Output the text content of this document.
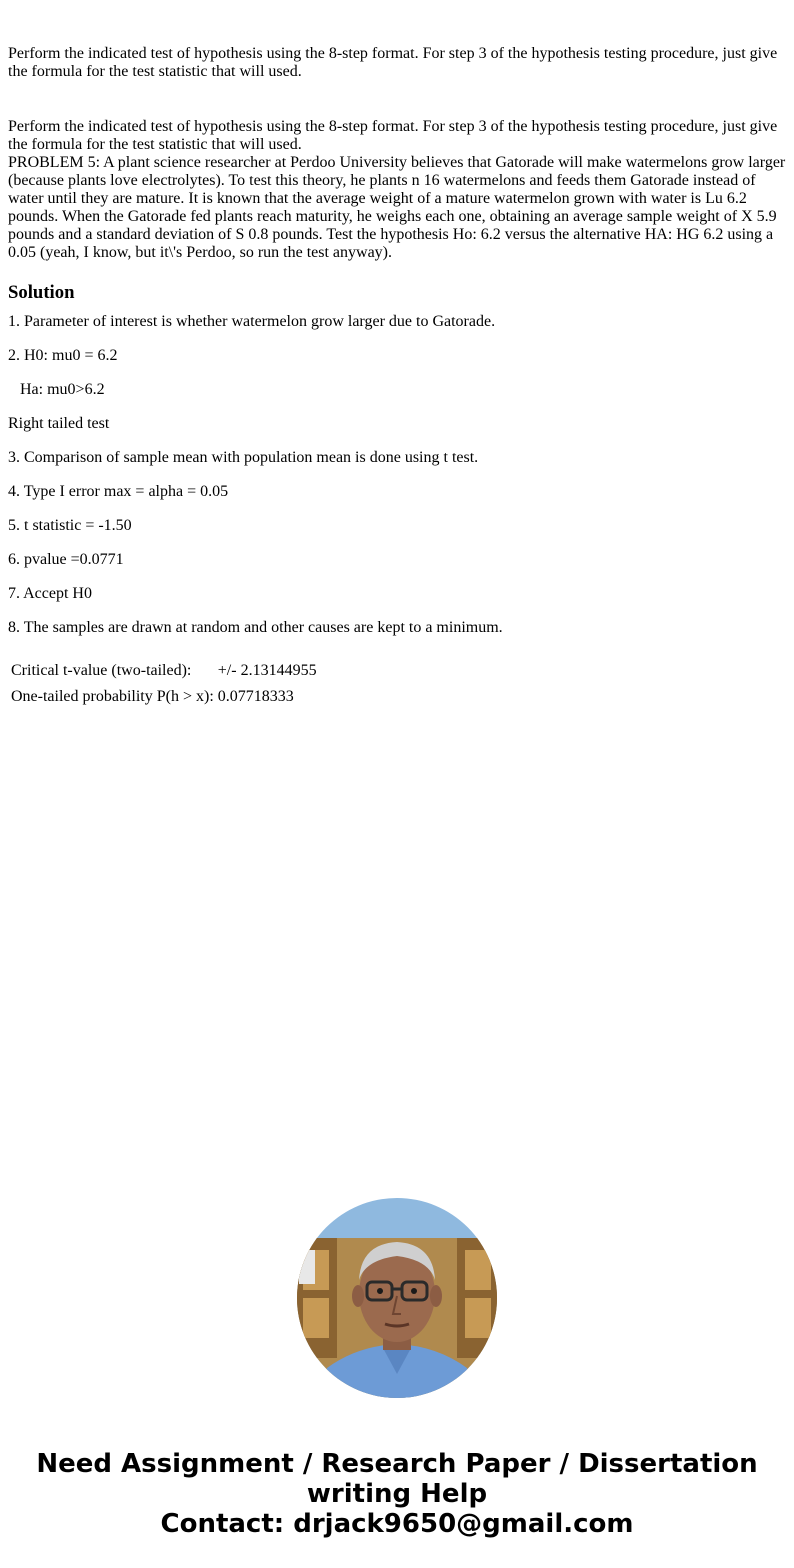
Perform the indicated test of hypothesis using the 8-step format. For step 3 of the hypothesis testing procedure, just give the formula for the test statistic that will used.

Perform the indicated test of hypothesis using the 8-step format. For step 3 of the hypothesis testing procedure, just give the formula for the test statistic that will used.

PROBLEM 5: A plant science researcher at Perdoo University believes that Gatorade will make watermelons grow larger (because plants love electrolytes). To test this theory, he plants n 16 watermelons and feeds them Gatorade instead of water until they are mature. It is known that the average weight of a mature watermelon grown with water is Lu 6.2 pounds. When the Gatorade fed plants reach maturity, he weighs each one, obtaining an average sample weight of X 5.9 pounds and a standard deviation of S 0.8 pounds. Test the hypothesis Ho: 6.2 versus the alternative HA: HG 6.2 using a 0.05 (yeah, I know, but it\'s Perdoo, so run the test anyway).

Solution

1. Parameter of interest is whether watermelon grow larger due to Gatorade.

2. H0: mu0 = 6.2

Ha: mu0>6.2

Right tailed test

3. Comparison of sample mean with population mean is done using t test.

4. Type I error max = alpha = 0.05

5. t statistic = -1.50

6. pvalue =0.0771

7. Accept H0

8. The samples are drawn at random and other causes are kept to a minimum.

Critical t-value (two-tailed):	+/- 2.13144955
One-tailed probability P(h > x):	0.07718333
Need Assignment / Research Paper / Dissertation
writing Help
Contact: drjack9650@gmail.com
